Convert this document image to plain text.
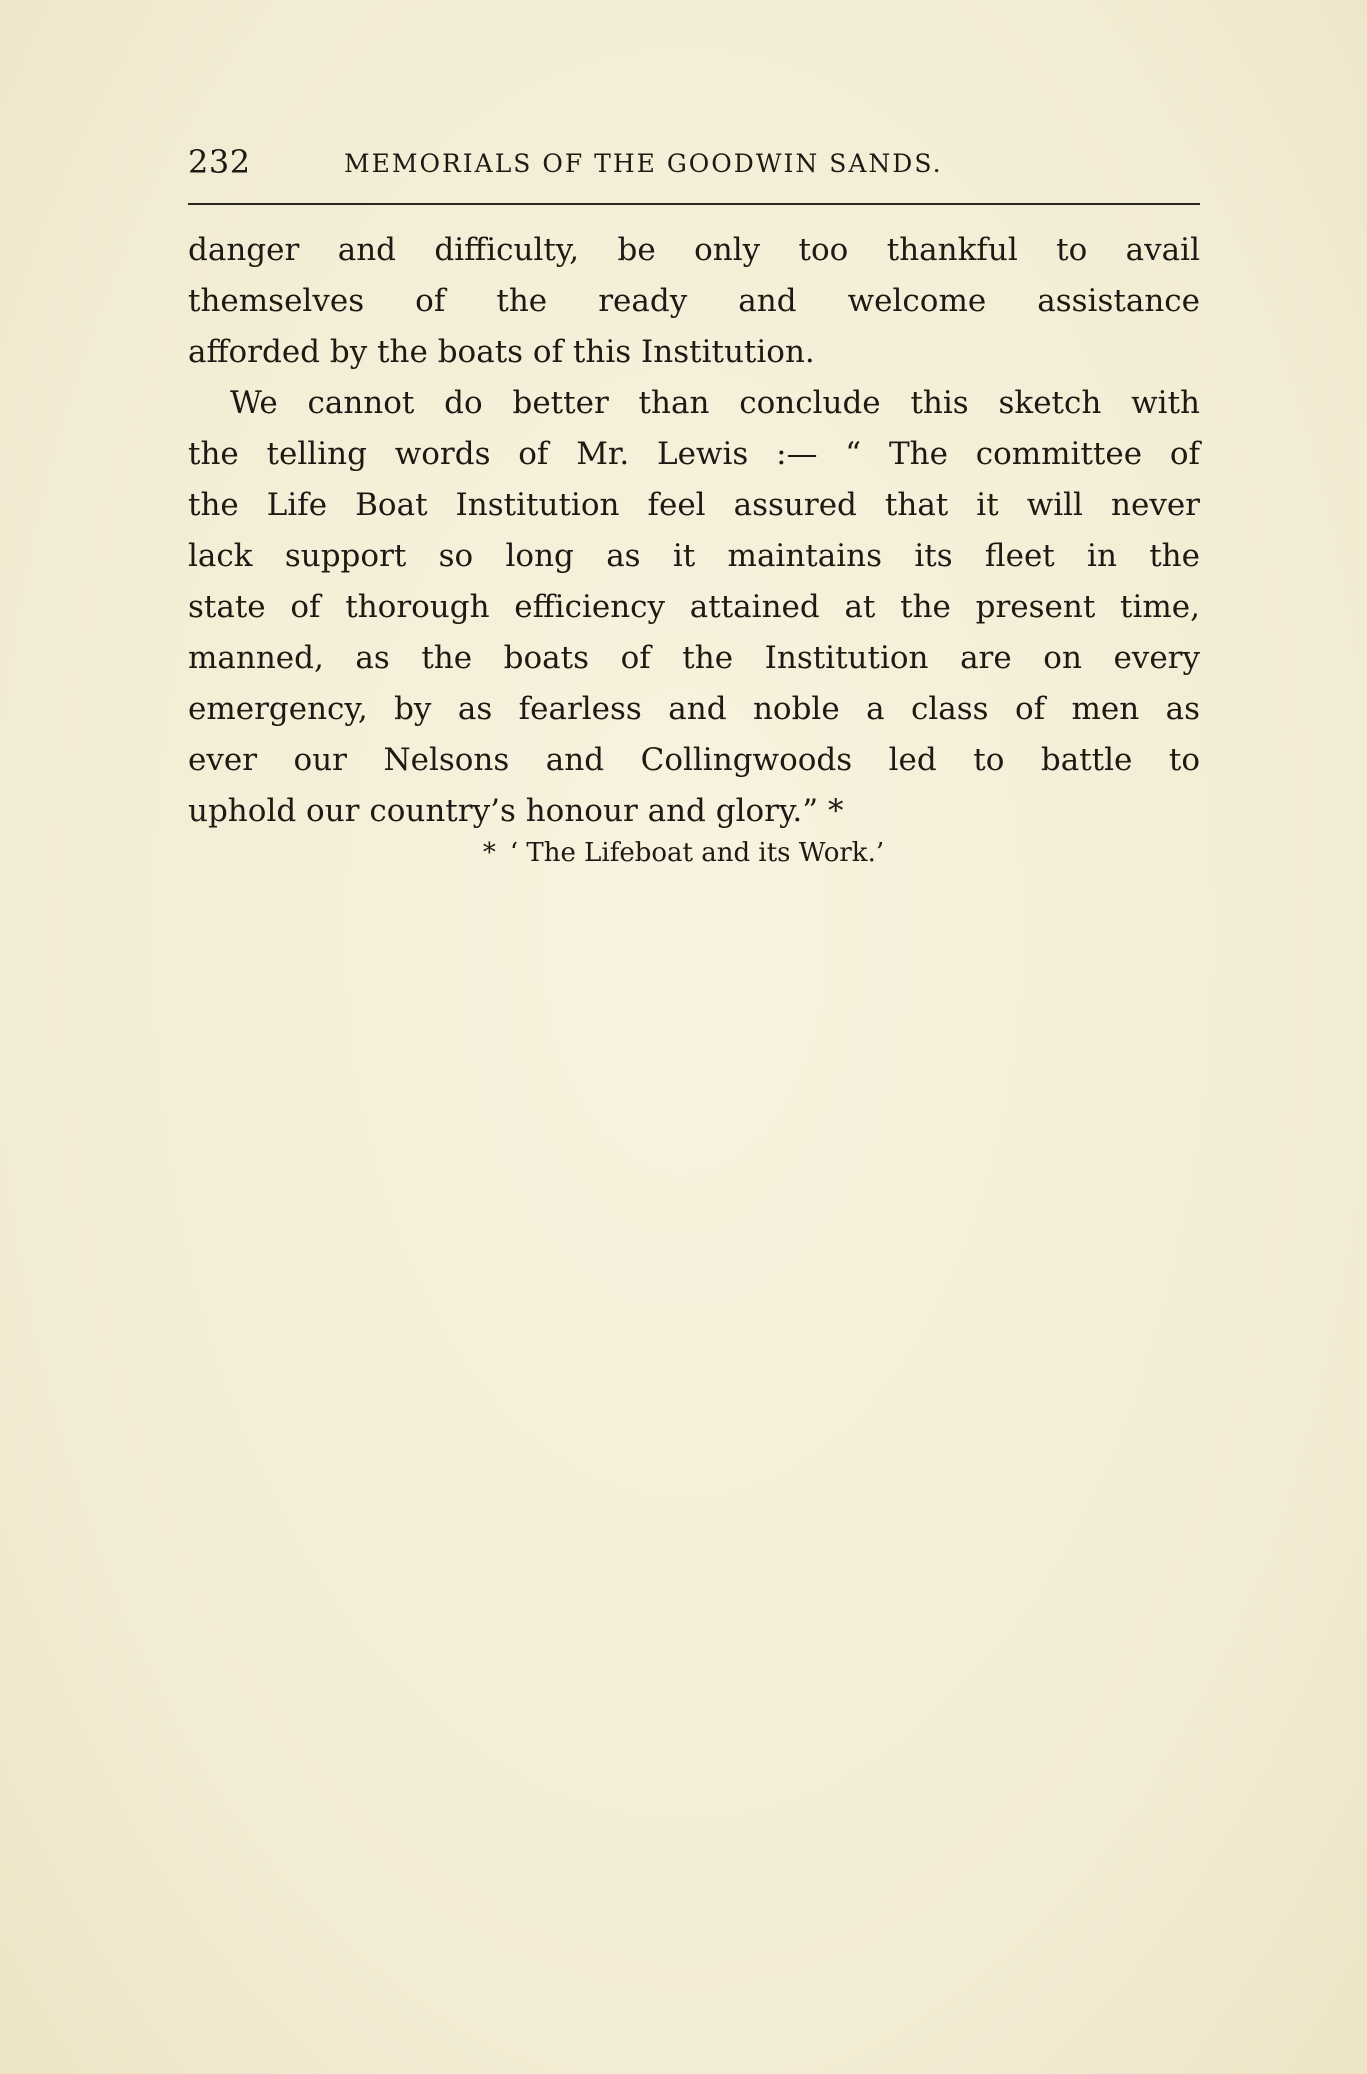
232	MEMORIALS OF THE GOODWIN SANDS.
danger and difficulty, be only too thankful to avail
themselves of the ready and welcome assistance
afforded by the boats of this Institution.
We cannot do better than conclude this sketch with
the telling words of Mr. Lewis :— “ The committee of
the Life Boat Institution feel assured that it will never
lack support so long as it maintains its fleet in the
state of thorough efficiency attained at the present time,
manned, as the boats of the Institution are on every
emergency, by as fearless and noble a class of men as
ever our Nelsons and Collingwoods led to battle to
uphold our country’s honour and glory.” *
* ‘ The Lifeboat and its Work.’
